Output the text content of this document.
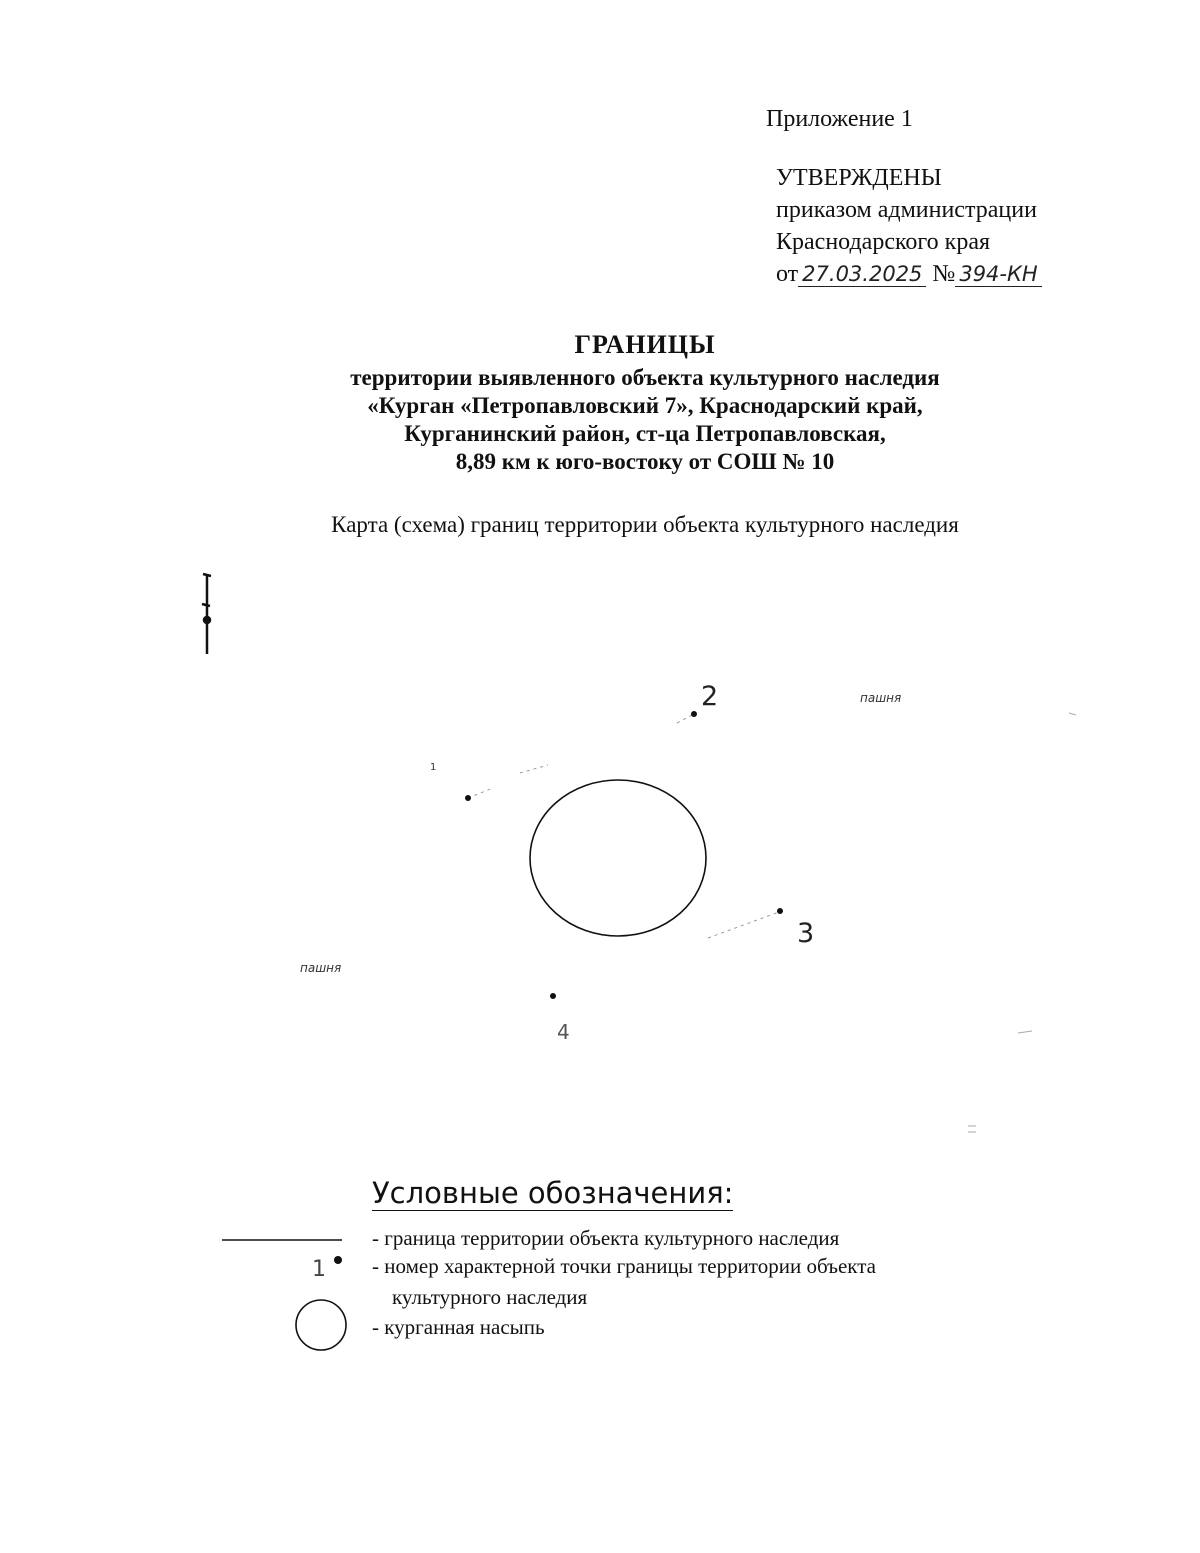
Приложение 1
УТВЕРЖДЕНЫ
приказом администрации
Краснодарского края
от 27.03.2025 № 394-КН
ГРАНИЦЫ
территории выявленного объекта культурного наследия
«Курган «Петропавловский 7», Краснодарский край,
Курганинский район, ст-ца Петропавловская,
8,89 км к юго-востоку от СОШ № 10
Карта (схема) границ территории объекта культурного наследия
пашня
пашня
1
2
3
4
Условные обозначения:
1
- граница территории объекта культурного наследия
- номер характерной точки границы территории объекта
культурного наследия
- курганная насыпь
